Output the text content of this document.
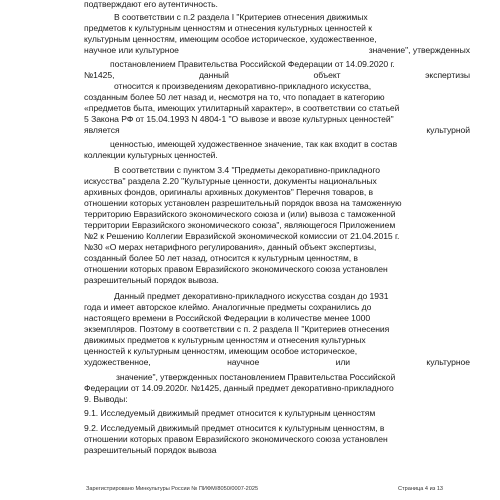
подтверждают его аутентичность.
В соответствии с п.2 раздела I "Критериев отнесения движимых
предметов к культурным ценностям и отнесения культурных ценностей к
культурным ценностям, имеющим особое историческое, художественное,
научное или культурное	значение", утвержденных
постановлением Правительства Российской Федерации от 14.09.2020 г.
№1425,	данный	объект	экспертизы
относится к произведениям декоративно-прикладного искусства,
созданным более 50 лет назад и, несмотря на то, что попадает в категорию
«предметов быта, имеющих утилитарный характер», в соответствии со статьей
5 Закона РФ от 15.04.1993 N 4804-1 "О вывозе и ввозе культурных ценностей"
является	культурной
ценностью, имеющей художественное значение, так как входит в состав
коллекции культурных ценностей.
В соответствии с пунктом 3.4 "Предметы декоративно-прикладного
искусства" раздела 2.20 "Культурные ценности, документы национальных
архивных фондов, оригиналы архивных документов" Перечня товаров, в
отношении которых установлен разрешительный порядок ввоза на таможенную
территорию Евразийского экономического союза и (или) вывоза с таможенной
территории Евразийского экономического союза", являющегося Приложением
№2 к Решению Коллегии Евразийской экономической комиссии от 21.04.2015 г.
№30 «О мерах нетарифного регулирования», данный объект экспертизы,
созданный более 50 лет назад, относится к культурным ценностям, в
отношении которых правом Евразийского экономического союза установлен
разрешительный порядок вывоза.
Данный предмет декоративно-прикладного искусства создан до 1931
года и имеет авторское клеймо. Аналогичные предметы сохранились до
настоящего времени в Российской Федерации в количестве менее 1000
экземпляров. Поэтому в соответствии с п. 2 раздела II "Критериев отнесения
движимых предметов к культурным ценностям и отнесения культурных
ценностей к культурным ценностям, имеющим особое историческое,
художественное,	научное	или	культурное
значение", утвержденных постановлением Правительства Российской
Федерации от 14.09.2020г. №1425, данный предмет декоративно-прикладного
9. Выводы:
9.1. Исследуемый движимый предмет относится к культурным ценностям
9.2. Исследуемый движимый предмет относится к культурным ценностям, в
отношении которых правом Евразийского экономического союза установлен
разрешительный порядок вывоза
Зарегистрировано Минкультуры России № ПИФМ/8050/0007-2025	Страница 4 из 13
